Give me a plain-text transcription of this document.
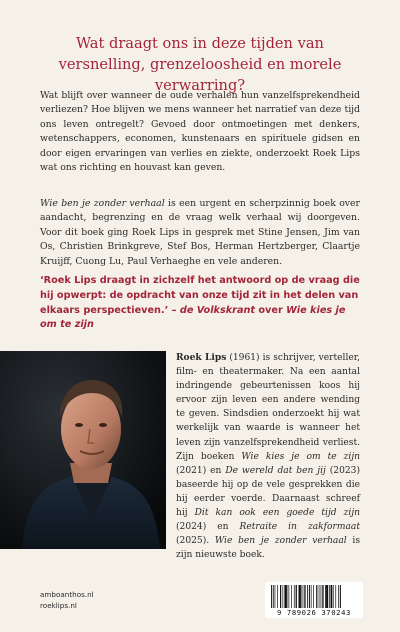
Wat draagt ons in deze tijden van versnelling, grenzeloosheid en morele verwarring?

Wat blijft over wanneer de oude verhalen hun vanzelfsprekendheid verliezen? Hoe blijven we mens wanneer het narratief van deze tijd ons leven ontregelt? Gevoed door ontmoetingen met denkers, wetenschappers, economen, kunstenaars en spirituele gidsen en door eigen ervaringen van verlies en ziekte, onderzoekt Roek Lips wat ons richting en houvast kan geven.

Wie ben je zonder verhaal is een urgent en scherpzinnig boek over aandacht, begrenzing en de vraag welk verhaal wij doorgeven. Voor dit boek ging Roek Lips in gesprek met Stine Jensen, Jim van Os, Christien Brinkgreve, Stef Bos, Herman Hertzberger, Claartje Kruijff, Cuong Lu, Paul Verhaeghe en vele anderen.

‘Roek Lips draagt in zichzelf het antwoord op de vraag die hij opwerpt: de opdracht van onze tijd zit in het delen van elkaars perspectieven.’ – de Volkskrant over Wie kies je om te zijn

Roek Lips (1961) is schrijver, verteller, film- en theatermaker. Na een aantal indringende gebeurtenissen koos hij ervoor zijn leven een andere wending te geven. Sindsdien onderzoekt hij wat werkelijk van waarde is wanneer het leven zijn vanzelfsprekendheid verliest. Zijn boeken Wie kies je om te zijn (2021) en De wereld dat ben jij (2023) baseerde hij op de vele gesprekken die hij eerder voerde. Daarnaast schreef hij Dit kan ook een goede tijd zijn (2024) en Retraite in zakformaat (2025). Wie ben je zonder verhaal is zijn nieuwste boek.

amboanthos.nl
roeklips.nl
9 789026 370243
